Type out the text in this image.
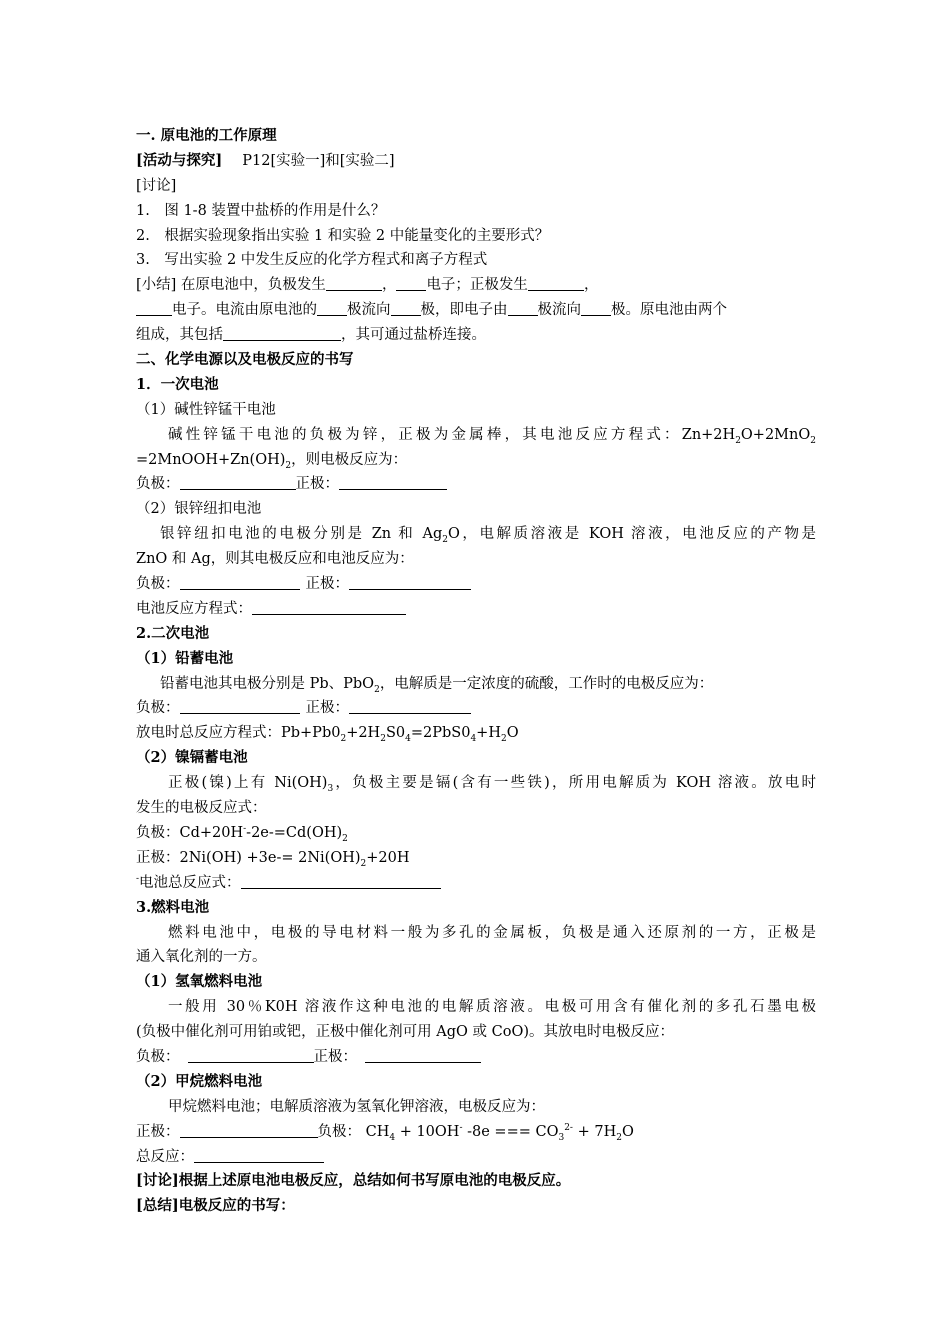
一. 原电池的工作原理
[活动与探究] P12[实验一]和[实验二]
[讨论]
1.　图 1-8 装置中盐桥的作用是什么？
2.　根据实验现象指出实验 1 和实验 2 中能量变化的主要形式？
3.　写出实验 2 中发生反应的化学方程式和离子方程式
[小结] 在原电池中，负极发生	， 电子；正极发生	，
电子。电流由原电池的 极流向 极，即电子由 极流向 极。原电池由两个
组成，其包括	，其可通过盐桥连接。
二、化学电源以及电极反应的书写
1．一次电池
（1）碱性锌锰干电池
碱性锌锰干电池的负极为锌，正极为金属棒，其电池反应方程式：$Zn+2H_2O+2MnO_2$
$=2MnOOH+Zn(OH)_2$，则电极反应为：
负极：	正极：
（2）银锌纽扣电池
银锌纽扣电池的电极分别是 Zn 和 $Ag_2O$，电解质溶液是 KOH 溶液，电池反应的产物是
ZnO 和 Ag，则其电极反应和电池反应为：
负极：	正极：
电池反应方程式：
2.二次电池
（1）铅蓄电池
铅蓄电池其电极分别是 Pb、PbO$_2$，电解质是一定浓度的硫酸，工作时的电极反应为：
负极：	正极：
放电时总反应方程式：$Pb+Pb0_2+2H_2S0_4=2PbS0_4+H_2O$
（2）镍镉蓄电池
正极(镍)上有 $Ni(OH)_3$，负极主要是镉(含有一些铁)，所用电解质为 KOH 溶液。放电时
发生的电极反应式：
负极：$Cd+20H^--2e-=Cd(OH)_2$
正极：$2Ni(OH) +3e-= 2Ni(OH)_2+20H$
-电池总反应式：
3.燃料电池
燃料电池中，电极的导电材料一般为多孔的金属板，负极是通入还原剂的一方，正极是
通入氧化剂的一方。
（1）氢氧燃料电池
一般用 30％K0H 溶液作这种电池的电解质溶液。电极可用含有催化剂的多孔石墨电极
(负极中催化剂可用铂或钯，正极中催化剂可用 AgO 或 CoO)。其放电时电极反应：
负极：	正极：
（2）甲烷燃料电池
甲烷燃料电池；电解质溶液为氢氧化钾溶液，电极反应为：
正极：	负极： $CH_4 + 10OH^-$ -8e === $CO_3^{2-} + 7H_2O$
总反应：
[讨论]根据上述原电池电极反应，总结如何书写原电池的电极反应。
[总结]电极反应的书写：
